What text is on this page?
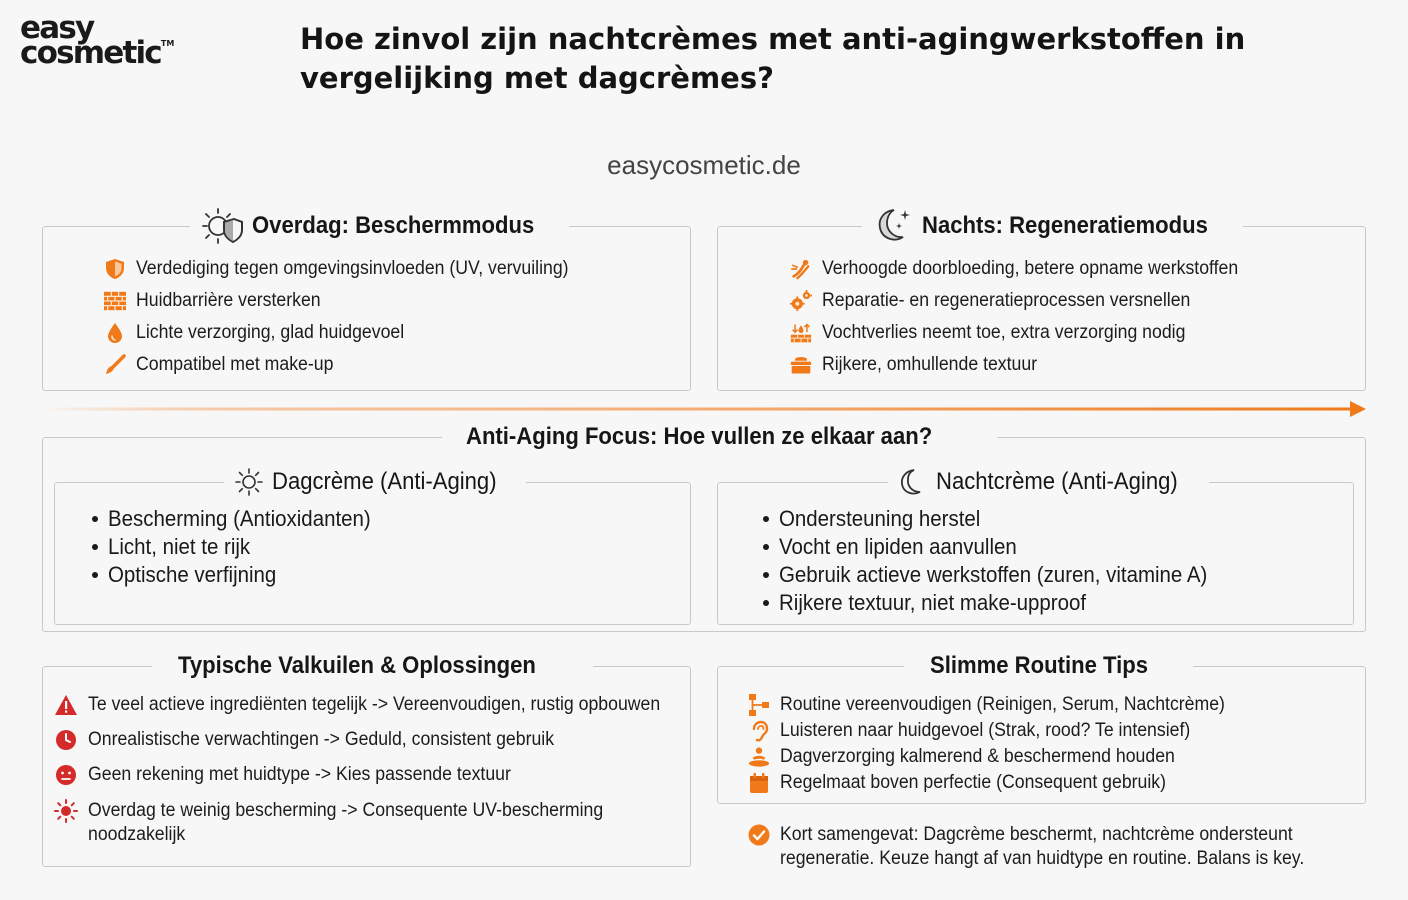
easy
cosmetic™	Hoe zinvol zijn nachtcrèmes met anti-agingwerkstoffen in vergelijking met dagcrèmes?
easycosmetic.de
Overdag: Beschermmodus
Verdediging tegen omgevingsinvloeden (UV, vervuiling)
Huidbarrière versterken
Lichte verzorging, glad huidgevoel
Compatibel met make-up
Nachts: Regeneratiemodus
Verhoogde doorbloeding, betere opname werkstoffen
Reparatie- en regeneratieprocessen versnellen
Vochtverlies neemt toe, extra verzorging nodig
Rijkere, omhullende textuur
Anti-Aging Focus: Hoe vullen ze elkaar aan?
Dagcrème (Anti-Aging)
Bescherming (Antioxidanten)
Licht, niet te rijk
Optische verfijning
Nachtcrème (Anti-Aging)
Ondersteuning herstel
Vocht en lipiden aanvullen
Gebruik actieve werkstoffen (zuren, vitamine A)
Rijkere textuur, niet make-upproof
Typische Valkuilen & Oplossingen
Te veel actieve ingrediënten tegelijk -> Vereenvoudigen, rustig opbouwen
Onrealistische verwachtingen -> Geduld, consistent gebruik
Geen rekening met huidtype -> Kies passende textuur
Overdag te weinig bescherming -> Consequente UV-bescherming noodzakelijk
Slimme Routine Tips
Routine vereenvoudigen (Reinigen, Serum, Nachtcrème)
Luisteren naar huidgevoel (Strak, rood? Te intensief)
Dagverzorging kalmerend & beschermend houden
Regelmaat boven perfectie (Consequent gebruik)
Kort samengevat: Dagcrème beschermt, nachtcrème ondersteunt regeneratie. Keuze hangt af van huidtype en routine. Balans is key.
